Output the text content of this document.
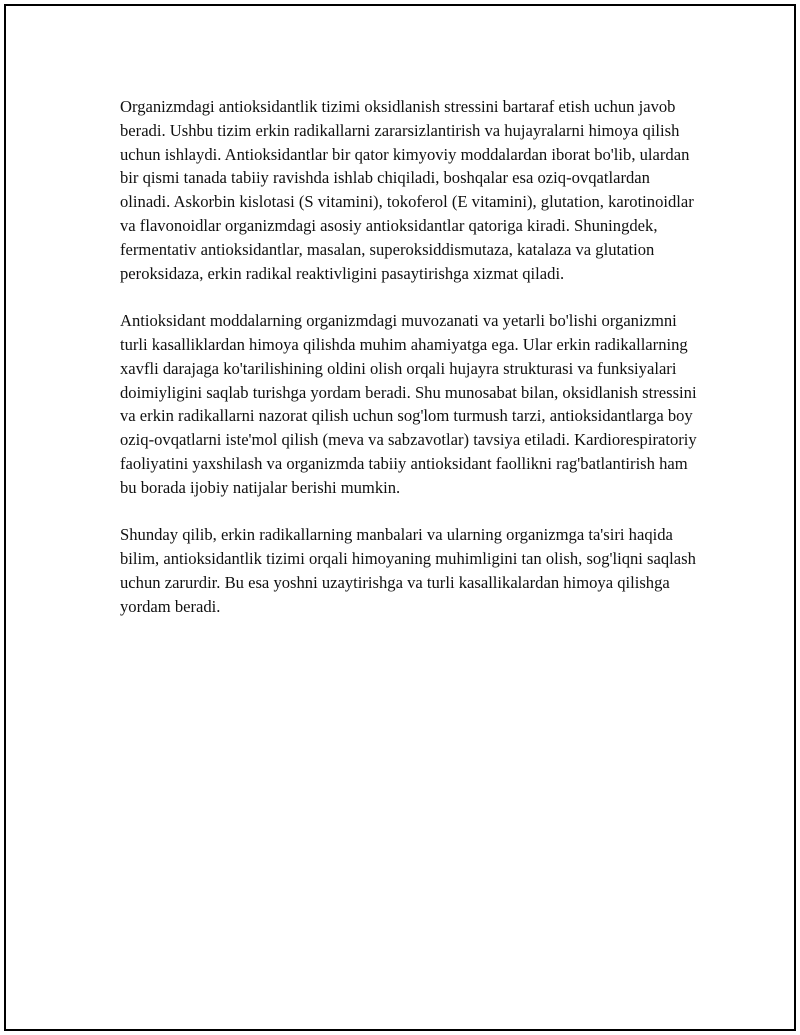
Organizmdagi antioksidantlik tizimi oksidlanish stressini bartaraf etish uchun javob beradi. Ushbu tizim erkin radikallarni zararsizlantirish va hujayralarni himoya qilish uchun ishlaydi. Antioksidantlar bir qator kimyoviy moddalardan iborat bo'lib, ulardan bir qismi tanada tabiiy ravishda ishlab chiqiladi, boshqalar esa oziq-ovqatlardan olinadi. Askorbin kislotasi (S vitamini), tokoferol (E vitamini), glutation, karotinoidlar va flavonoidlar organizmdagi asosiy antioksidantlar qatoriga kiradi. Shuningdek, fermentativ antioksidantlar, masalan, superoksiddismutaza, katalaza va glutation peroksidaza, erkin radikal reaktivligini pasaytirishga xizmat qiladi.

Antioksidant moddalarning organizmdagi muvozanati va yetarli bo'lishi organizmni turli kasalliklardan himoya qilishda muhim ahamiyatga ega. Ular erkin radikallarning xavfli darajaga ko'tarilishining oldini olish orqali hujayra strukturasi va funksiyalari doimiyligini saqlab turishga yordam beradi. Shu munosabat bilan, oksidlanish stressini va erkin radikallarni nazorat qilish uchun sog'lom turmush tarzi, antioksidantlarga boy oziq-ovqatlarni iste'mol qilish (meva va sabzavotlar) tavsiya etiladi. Kardiorespiratoriy faoliyatini yaxshilash va organizmda tabiiy antioksidant faollikni rag'batlantirish ham bu borada ijobiy natijalar berishi mumkin.

Shunday qilib, erkin radikallarning manbalari va ularning organizmga ta'siri haqida bilim, antioksidantlik tizimi orqali himoyaning muhimligini tan olish, sog'liqni saqlash uchun zarurdir. Bu esa yoshni uzaytirishga va turli kasallikalardan himoya qilishga yordam beradi.
